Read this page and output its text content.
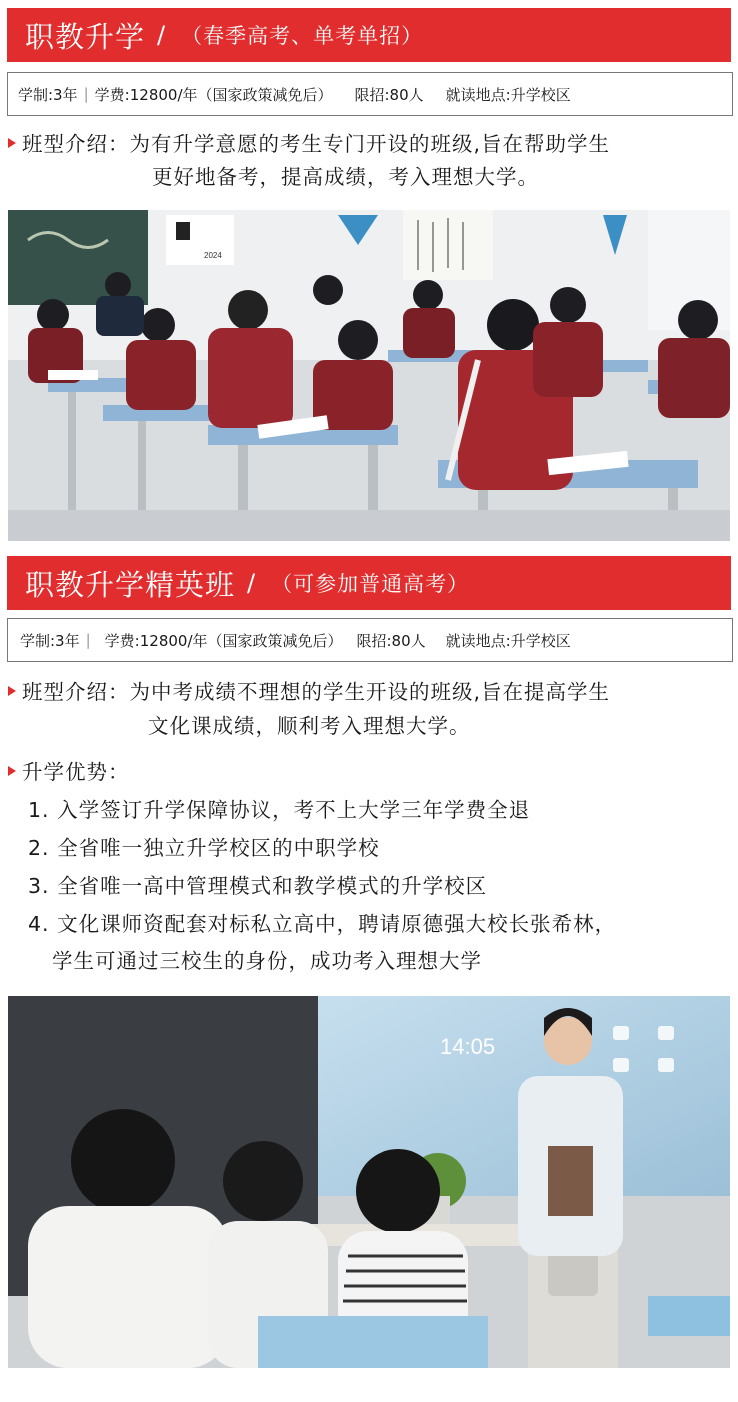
职教升学 / （春季高考、单考单招）
学制:3年 | 学费:12800/年（国家政策减免后） 限招:80人 就读地点:升学校区
班型介绍：为有升学意愿的考生专门开设的班级,旨在帮助学生
更好地备考，提高成绩，考入理想大学。
2024
职教升学精英班 / （可参加普通高考）
学制:3年 | 学费:12800/年（国家政策减免后） 限招:80人 就读地点:升学校区
班型介绍：为中考成绩不理想的学生开设的班级,旨在提高学生
文化课成绩，顺利考入理想大学。
升学优势：
1. 入学签订升学保障协议，考不上大学三年学费全退
2. 全省唯一独立升学校区的中职学校
3. 全省唯一高中管理模式和教学模式的升学校区
4. 文化课师资配套对标私立高中，聘请原德强大校长张希林，
学生可通过三校生的身份，成功考入理想大学
14:05
